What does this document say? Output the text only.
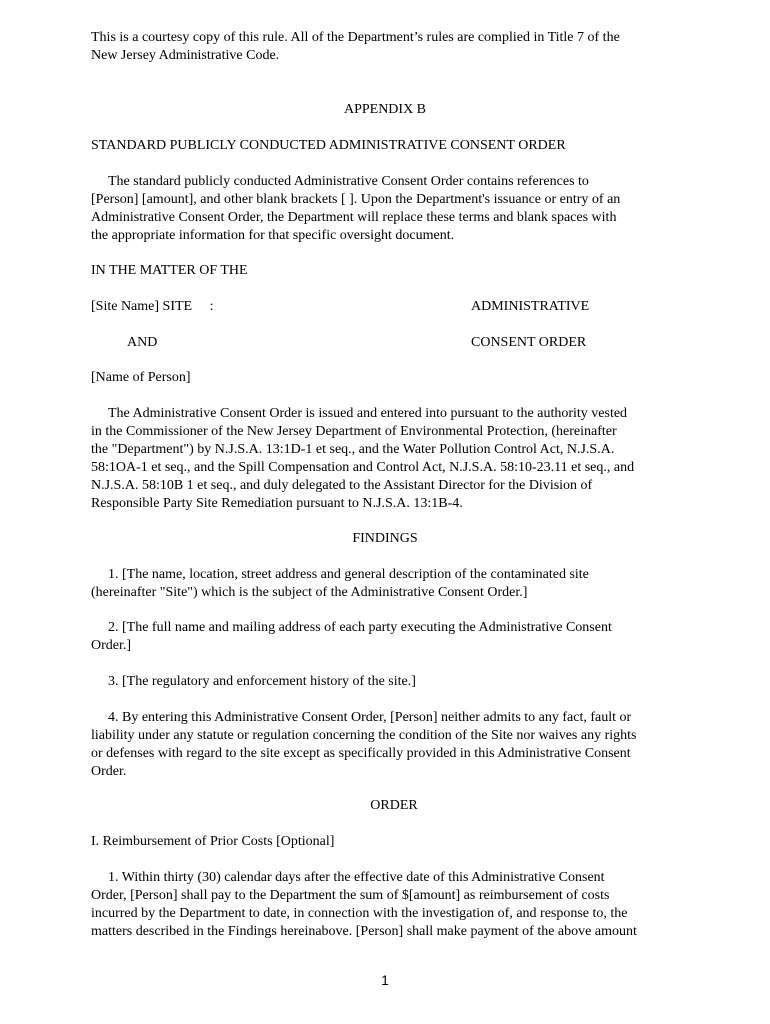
This is a courtesy copy of this rule. All of the Department’s rules are complied in Title 7 of the
New Jersey Administrative Code.

APPENDIX B

STANDARD PUBLICLY CONDUCTED ADMINISTRATIVE CONSENT ORDER

The standard publicly conducted Administrative Consent Order contains references to
[Person] [amount], and other blank brackets [ ]. Upon the Department's issuance or entry of an
Administrative Consent Order, the Department will replace these terms and blank spaces with
the appropriate information for that specific oversight document.

IN THE MATTER OF THE

[Site Name] SITE     :	ADMINISTRATIVE

AND	CONSENT ORDER

[Name of Person]

The Administrative Consent Order is issued and entered into pursuant to the authority vested
in the Commissioner of the New Jersey Department of Environmental Protection, (hereinafter
the "Department") by N.J.S.A. 13:1D-1 et seq., and the Water Pollution Control Act, N.J.S.A.
58:1OA-1 et seq., and the Spill Compensation and Control Act, N.J.S.A. 58:10-23.11 et seq., and
N.J.S.A. 58:10B 1 et seq., and duly delegated to the Assistant Director for the Division of
Responsible Party Site Remediation pursuant to N.J.S.A. 13:1B-4.

FINDINGS

1. [The name, location, street address and general description of the contaminated site
(hereinafter "Site") which is the subject of the Administrative Consent Order.]
2. [The full name and mailing address of each party executing the Administrative Consent
Order.]
3. [The regulatory and enforcement history of the site.]
4. By entering this Administrative Consent Order, [Person] neither admits to any fact, fault or
liability under any statute or regulation concerning the condition of the Site nor waives any rights
or defenses with regard to the site except as specifically provided in this Administrative Consent
Order.

ORDER

I. Reimbursement of Prior Costs [Optional]

1. Within thirty (30) calendar days after the effective date of this Administrative Consent
Order, [Person] shall pay to the Department the sum of $[amount] as reimbursement of costs
incurred by the Department to date, in connection with the investigation of, and response to, the
matters described in the Findings hereinabove. [Person] shall make payment of the above amount
1
